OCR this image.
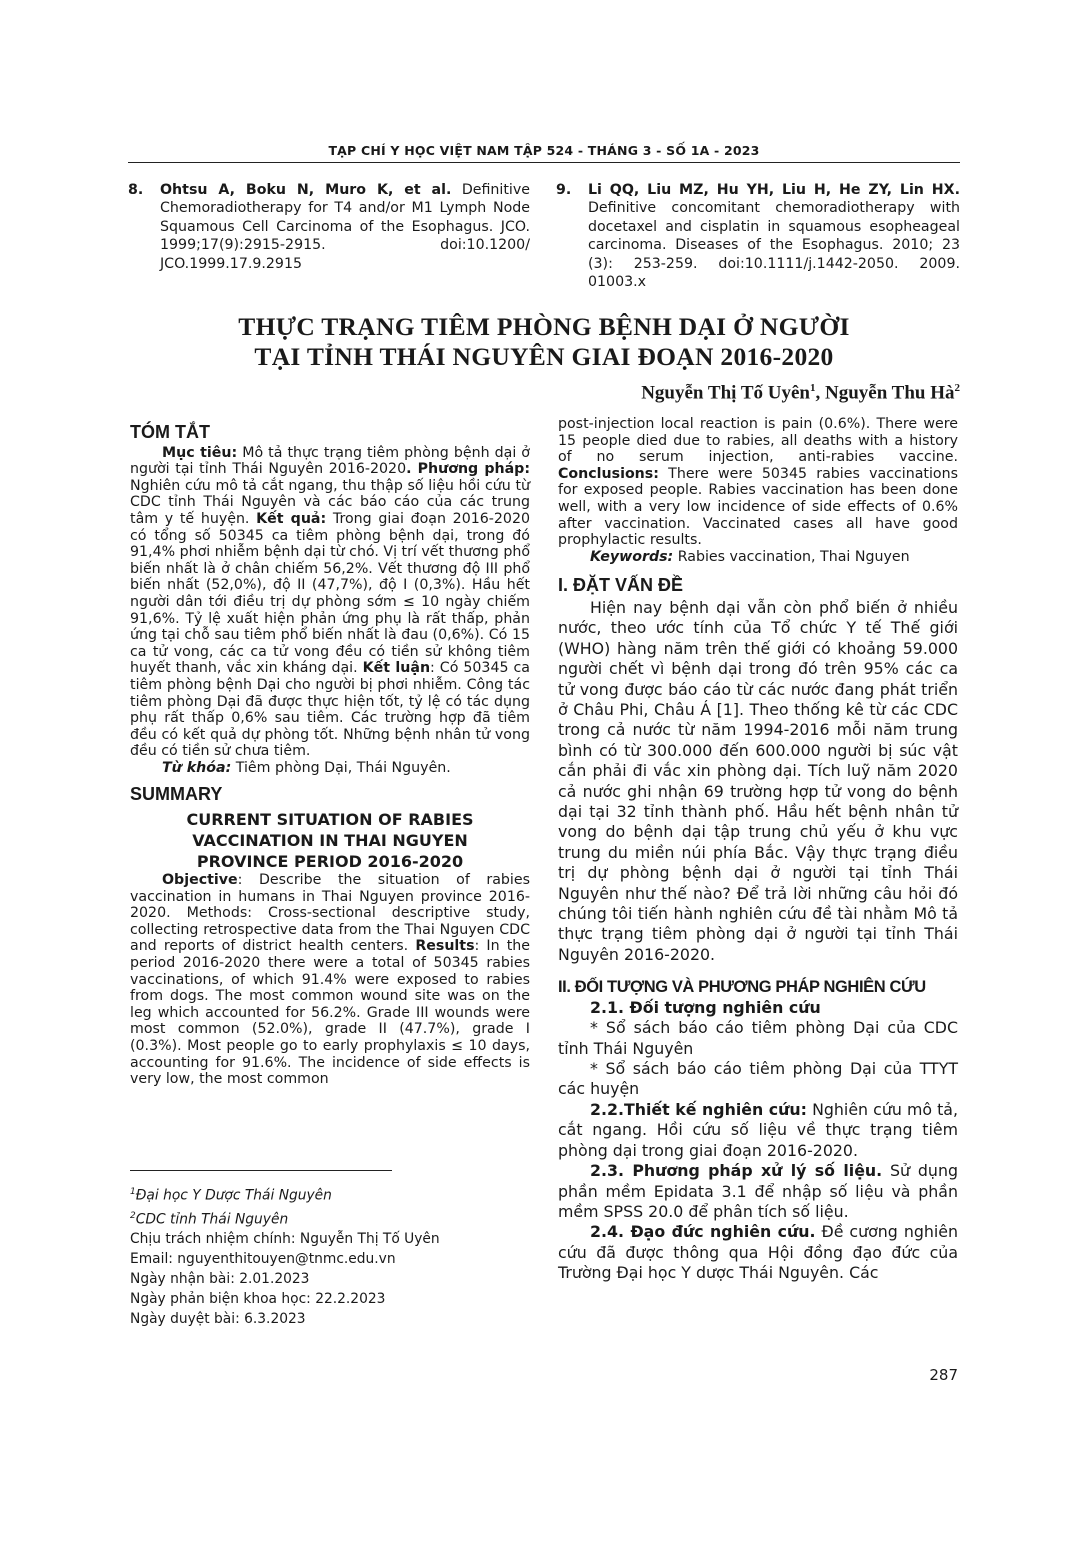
TẠP CHÍ Y HỌC VIỆT NAM TẬP 524 - THÁNG 3 - SỐ 1A - 2023
8. Ohtsu A, Boku N, Muro K, et al. Definitive Chemoradiotherapy for T4 and/or M1 Lymph Node Squamous Cell Carcinoma of the Esophagus. JCO. 1999;17(9):2915-2915. doi:10.1200/ JCO.1999.17.9.2915
9. Li QQ, Liu MZ, Hu YH, Liu H, He ZY, Lin HX. Definitive concomitant chemoradiotherapy with docetaxel and cisplatin in squamous esopheageal carcinoma. Diseases of the Esophagus. 2010; 23 (3): 253-259. doi:10.1111/j.1442-2050. 2009. 01003.x
THỰC TRẠNG TIÊM PHÒNG BỆNH DẠI Ở NGƯỜI
TẠI TỈNH THÁI NGUYÊN GIAI ĐOẠN 2016-2020
Nguyễn Thị Tố Uyên$^1$, Nguyễn Thu $Hà^2$

TÓM TẮT

Mục tiêu: Mô tả thực trạng tiêm phòng bệnh dại ở người tại tỉnh Thái Nguyên 2016-2020. Phương pháp: Nghiên cứu mô tả cắt ngang, thu thập số liệu hồi cứu từ CDC tỉnh Thái Nguyên và các báo cáo của các trung tâm y tế huyện. Kết quả: Trong giai đoạn 2016-2020 có tổng số 50345 ca tiêm phòng bệnh dại, trong đó 91,4% phơi nhiễm bệnh dại từ chó. Vị trí vết thương phổ biến nhất là ở chân chiếm 56,2%. Vết thương độ III phổ biến nhất (52,0%), độ II (47,7%), độ I (0,3%). Hầu hết người dân tới điều trị dự phòng sớm ≤ 10 ngày chiếm 91,6%. Tỷ lệ xuất hiện phản ứng phụ là rất thấp, phản ứng tại chỗ sau tiêm phổ biến nhất là đau (0,6%). Có 15 ca tử vong, các ca tử vong đều có tiền sử không tiêm huyết thanh, vắc xin kháng dại. Kết luận: Có 50345 ca tiêm phòng bệnh Dại cho người bị phơi nhiễm. Công tác tiêm phòng Dại đã được thực hiện tốt, tỷ lệ có tác dụng phụ rất thấp 0,6% sau tiêm. Các trường hợp đã tiêm đều có kết quả dự phòng tốt. Những bệnh nhân tử vong đều có tiền sử chưa tiêm.

Từ khóa: Tiêm phòng Dại, Thái Nguyên.

SUMMARY

CURRENT SITUATION OF RABIES
VACCINATION IN THAI NGUYEN
PROVINCE PERIOD 2016-2020

Objective: Describe the situation of rabies vaccination in humans in Thai Nguyen province 2016-2020. Methods: Cross-sectional descriptive study, collecting retrospective data from the Thai Nguyen CDC and reports of district health centers. Results: In the period 2016-2020 there were a total of 50345 rabies vaccinations, of which 91.4% were exposed to rabies from dogs. The most common wound site was on the leg which accounted for 56.2%. Grade III wounds were most common (52.0%), grade II (47.7%), grade I (0.3%). Most people go to early prophylaxis ≤ 10 days, accounting for 91.6%. The incidence of side effects is very low, the most common

$^1$Đại học Y Dược Thái Nguyên
$^2$CDC tỉnh Thái Nguyên
Chịu trách nhiệm chính: Nguyễn Thị Tố Uyên
Email: nguyenthitouyen@tnmc.edu.vn
Ngày nhận bài: 2.01.2023
Ngày phản biện khoa học: 22.2.2023
Ngày duyệt bài: 6.3.2023

post-injection local reaction is pain (0.6%). There were 15 people died due to rabies, all deaths with a history of no serum injection, anti-rabies vaccine. Conclusions: There were 50345 rabies vaccinations for exposed people. Rabies vaccination has been done well, with a very low incidence of side effects of 0.6% after vaccination. Vaccinated cases all have good prophylactic results.

Keywords: Rabies vaccination, Thai Nguyen

I. ĐẶT VẤN ĐỀ

Hiện nay bệnh dại vẫn còn phổ biến ở nhiều nước, theo ước tính của Tổ chức Y tế Thế giới (WHO) hàng năm trên thế giới có khoảng 59.000 người chết vì bệnh dại trong đó trên 95% các ca tử vong được báo cáo từ các nước đang phát triển ở Châu Phi, Châu Á [1]. Theo thống kê từ các CDC trong cả nước từ năm 1994-2016 mỗi năm trung bình có từ 300.000 đến 600.000 người bị súc vật cắn phải đi vắc xin phòng dại. Tích luỹ năm 2020 cả nước ghi nhận 69 trường hợp tử vong do bệnh dại tại 32 tỉnh thành phố. Hầu hết bệnh nhân tử vong do bệnh dại tập trung chủ yếu ở khu vực trung du miền núi phía Bắc. Vậy thực trạng điều trị dự phòng bệnh dại ở người tại tỉnh Thái Nguyên như thế nào? Để trả lời những câu hỏi đó chúng tôi tiến hành nghiên cứu đề tài nhằm Mô tả thực trạng tiêm phòng dại ở người tại tỉnh Thái Nguyên 2016-2020.

II. ĐỐI TƯỢNG VÀ PHƯƠNG PHÁP NGHIÊN CỨU

2.1. Đối tượng nghiên cứu

* Sổ sách báo cáo tiêm phòng Dại của CDC tỉnh Thái Nguyên

* Sổ sách báo cáo tiêm phòng Dại của TTYT các huyện

2.2.Thiết kế nghiên cứu: Nghiên cứu mô tả, cắt ngang. Hồi cứu số liệu về thực trạng tiêm phòng dại trong giai đoạn 2016-2020.

2.3. Phương pháp xử lý số liệu. Sử dụng phần mềm Epidata 3.1 để nhập số liệu và phần mềm SPSS 20.0 để phân tích số liệu.

2.4. Đạo đức nghiên cứu. Đề cương nghiên cứu đã được thông qua Hội đồng đạo đức của Trường Đại học Y dược Thái Nguyên. Các

287
